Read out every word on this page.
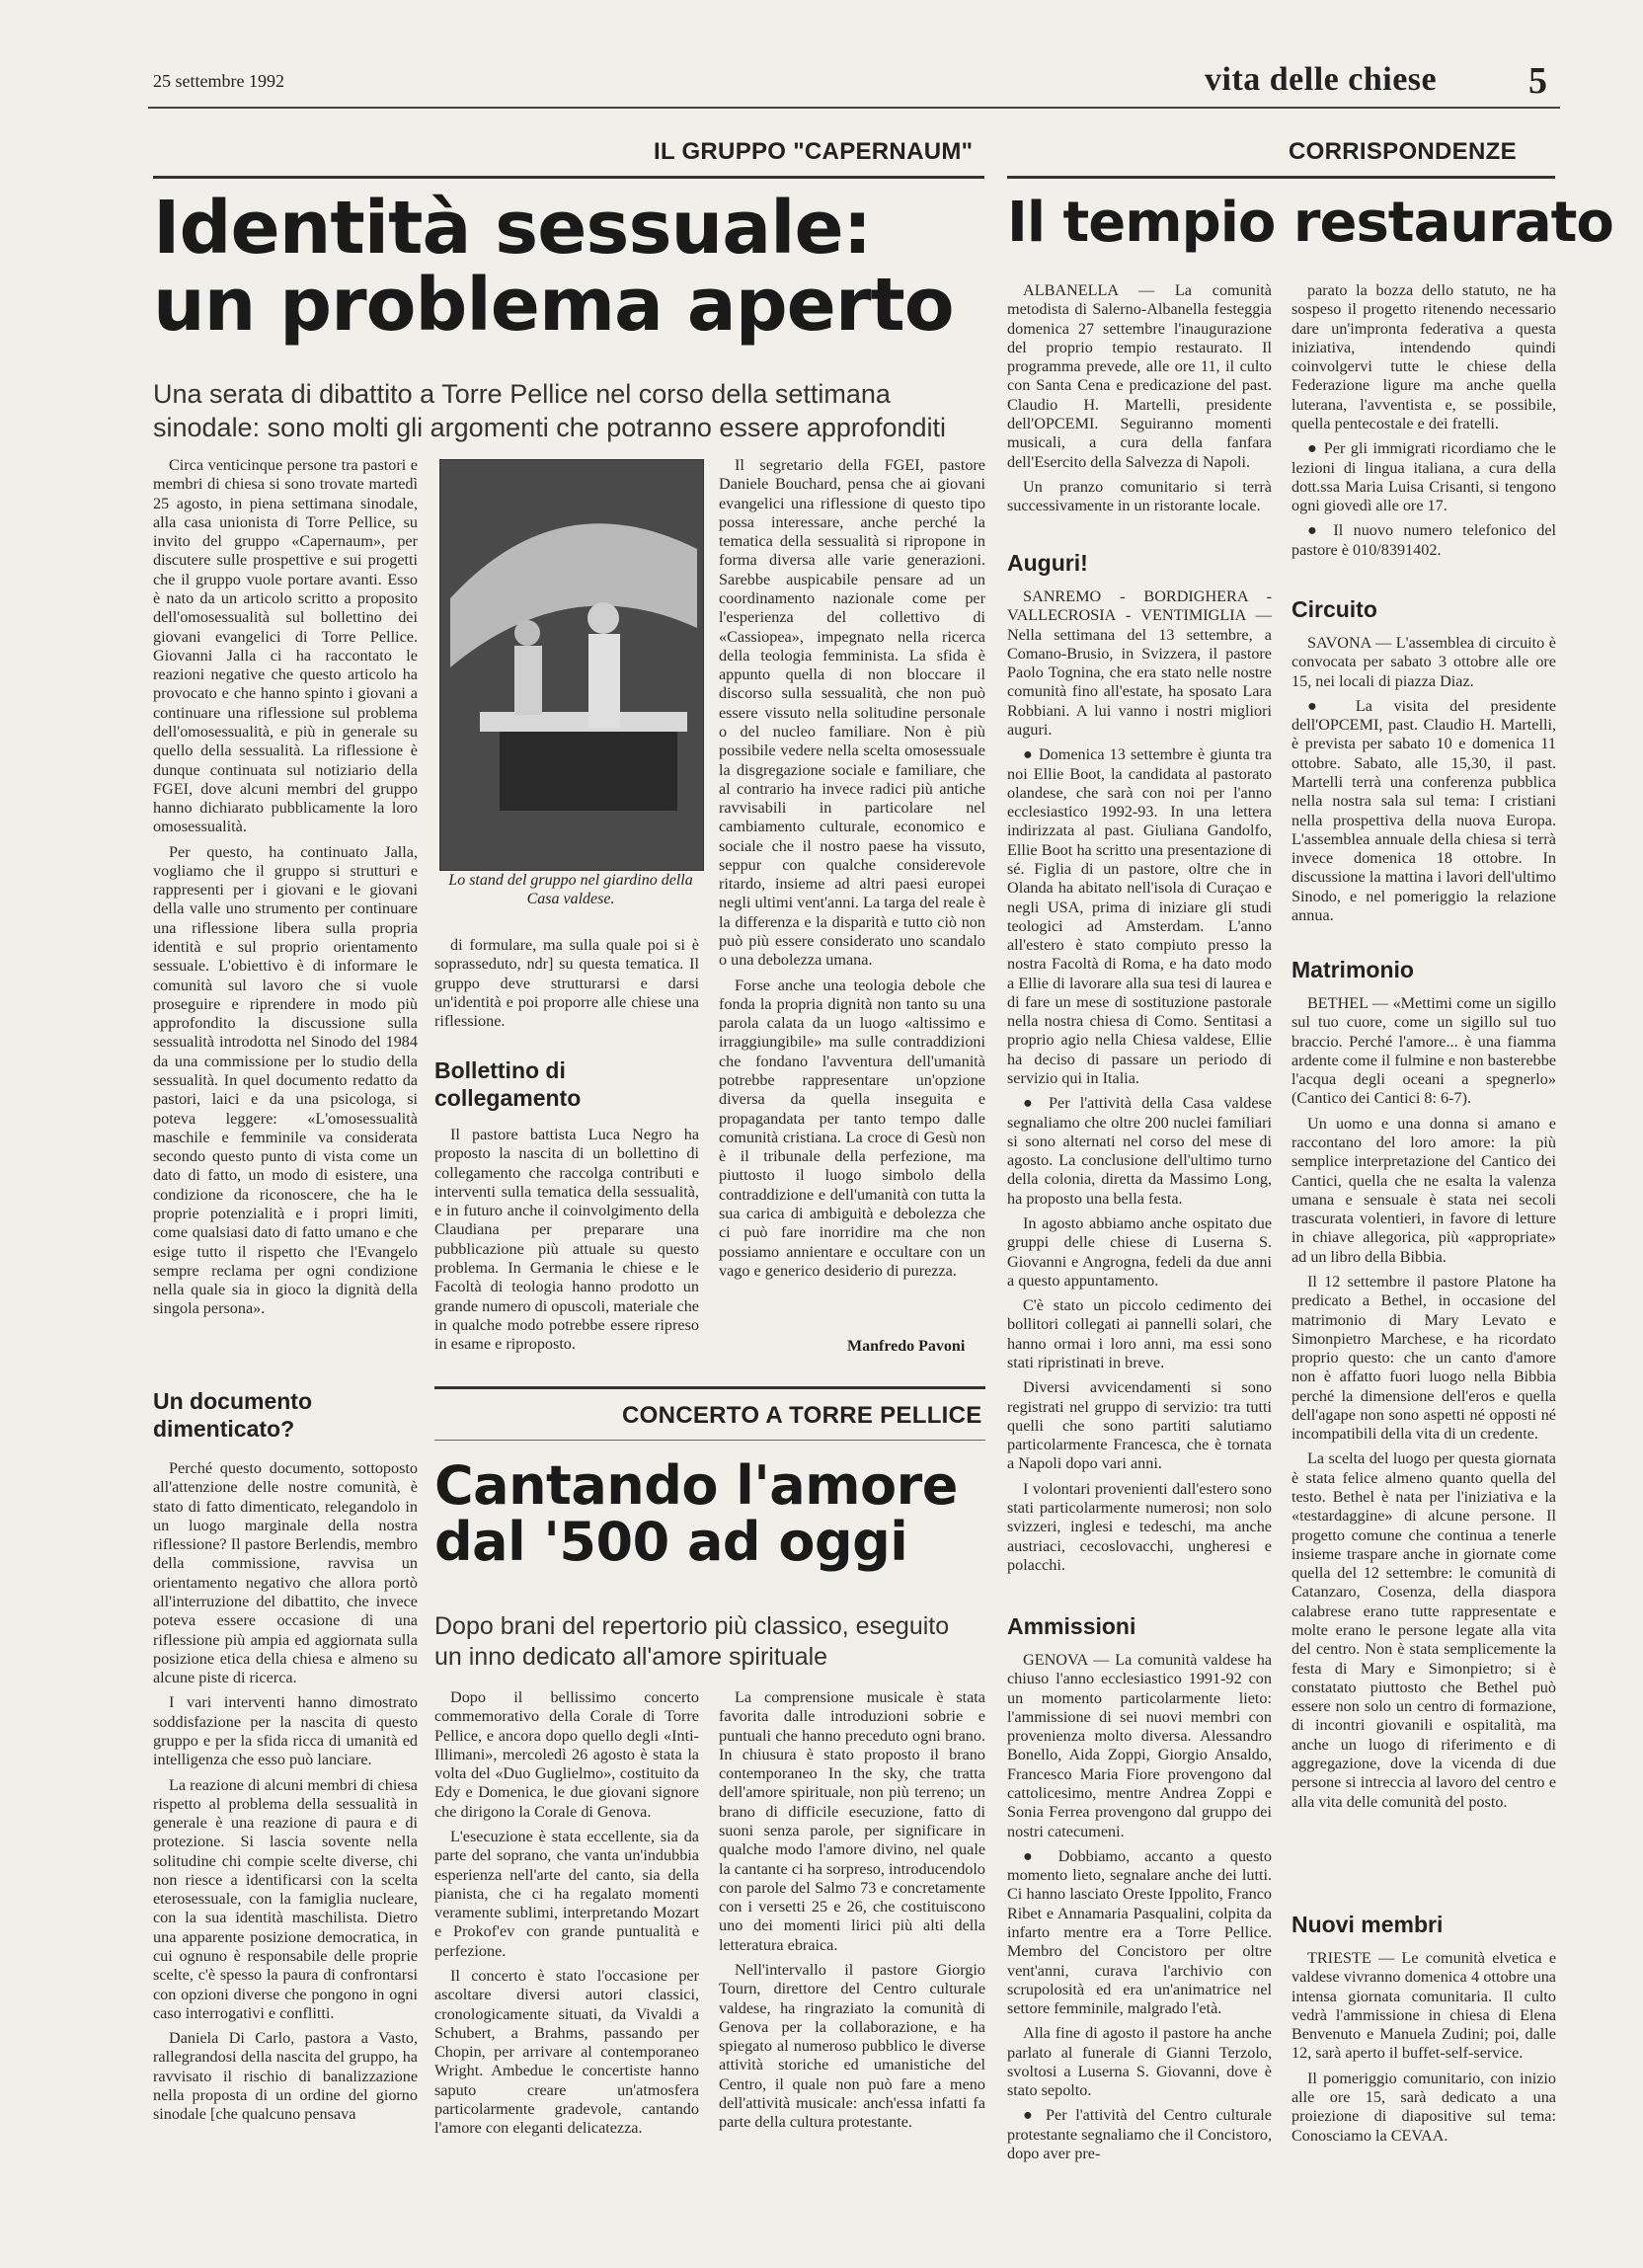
25 settembre 1992	vita delle chiese 5
IL GRUPPO "CAPERNAUM"
Identità sessuale:
un problema aperto
Una serata di dibattito a Torre Pellice nel corso della settimana sinodale: sono molti gli argomenti che potranno essere approfonditi

Circa venticinque persone tra pastori e membri di chiesa si sono trovate martedì 25 agosto, in piena settimana sinodale, alla casa unionista di Torre Pellice, su invito del gruppo «Capernaum», per discutere sulle prospettive e sui progetti che il gruppo vuole portare avanti. Esso è nato da un articolo scritto a proposito dell'omosessualità sul bollettino dei giovani evangelici di Torre Pellice. Giovanni Jalla ci ha raccontato le reazioni negative che questo articolo ha provocato e che hanno spinto i giovani a continuare una riflessione sul problema dell'omosessualità, e più in generale su quello della sessualità. La riflessione è dunque continuata sul notiziario della FGEI, dove alcuni membri del gruppo hanno dichiarato pubblicamente la loro omosessualità.

Per questo, ha continuato Jalla, vogliamo che il gruppo si strutturi e rappresenti per i giovani e le giovani della valle uno strumento per continuare una riflessione libera sulla propria identità e sul proprio orientamento sessuale. L'obiettivo è di informare le comunità sul lavoro che si vuole proseguire e riprendere in modo più approfondito la discussione sulla sessualità introdotta nel Sinodo del 1984 da una commissione per lo studio della sessualità. In quel documento redatto da pastori, laici e da una psicologa, si poteva leggere: «L'omosessualità maschile e femminile va considerata secondo questo punto di vista come un dato di fatto, un modo di esistere, una condizione da riconoscere, che ha le proprie potenzialità e i propri limiti, come qualsiasi dato di fatto umano e che esige tutto il rispetto che l'Evangelo sempre reclama per ogni condizione nella quale sia in gioco la dignità della singola persona».

Un documento dimenticato?

Perché questo documento, sottoposto all'attenzione delle nostre comunità, è stato di fatto dimenticato, relegandolo in un luogo marginale della nostra riflessione? Il pastore Berlendis, membro della commissione, ravvisa un orientamento negativo che allora portò all'interruzione del dibattito, che invece poteva essere occasione di una riflessione più ampia ed aggiornata sulla posizione etica della chiesa e almeno su alcune piste di ricerca.

I vari interventi hanno dimostrato soddisfazione per la nascita di questo gruppo e per la sfida ricca di umanità ed intelligenza che esso può lanciare.

La reazione di alcuni membri di chiesa rispetto al problema della sessualità in generale è una reazione di paura e di protezione. Si lascia sovente nella solitudine chi compie scelte diverse, chi non riesce a identificarsi con la scelta eterosessuale, con la famiglia nucleare, con la sua identità maschilista. Dietro una apparente posizione democratica, in cui ognuno è responsabile delle proprie scelte, c'è spesso la paura di confrontarsi con opzioni diverse che pongono in ogni caso interrogativi e conflitti.

Daniela Di Carlo, pastora a Vasto, rallegrandosi della nascita del gruppo, ha ravvisato il rischio di banalizzazione nella proposta di un ordine del giorno sinodale [che qualcuno pensava

Lo stand del gruppo nel giardino della Casa valdese.

di formulare, ma sulla quale poi si è soprasseduto, ndr] su questa tematica. Il gruppo deve strutturarsi e darsi un'identità e poi proporre alle chiese una riflessione.

Bollettino di collegamento

Il pastore battista Luca Negro ha proposto la nascita di un bollettino di collegamento che raccolga contributi e interventi sulla tematica della sessualità, e in futuro anche il coinvolgimento della Claudiana per preparare una pubblicazione più attuale su questo problema. In Germania le chiese e le Facoltà di teologia hanno prodotto un grande numero di opuscoli, materiale che in qualche modo potrebbe essere ripreso in esame e riproposto.

Il segretario della FGEI, pastore Daniele Bouchard, pensa che ai giovani evangelici una riflessione di questo tipo possa interessare, anche perché la tematica della sessualità si ripropone in forma diversa alle varie generazioni. Sarebbe auspicabile pensare ad un coordinamento nazionale come per l'esperienza del collettivo di «Cassiopea», impegnato nella ricerca della teologia femminista. La sfida è appunto quella di non bloccare il discorso sulla sessualità, che non può essere vissuto nella solitudine personale o del nucleo familiare. Non è più possibile vedere nella scelta omosessuale la disgregazione sociale e familiare, che al contrario ha invece radici più antiche ravvisabili in particolare nel cambiamento culturale, economico e sociale che il nostro paese ha vissuto, seppur con qualche considerevole ritardo, insieme ad altri paesi europei negli ultimi vent'anni. La targa del reale è la differenza e la disparità e tutto ciò non può più essere considerato uno scandalo o una debolezza umana.

Forse anche una teologia debole che fonda la propria dignità non tanto su una parola calata da un luogo «altissimo e irraggiungibile» ma sulle contraddizioni che fondano l'avventura dell'umanità potrebbe rappresentare un'opzione diversa da quella inseguita e propagandata per tanto tempo dalle comunità cristiana. La croce di Gesù non è il tribunale della perfezione, ma piuttosto il luogo simbolo della contraddizione e dell'umanità con tutta la sua carica di ambiguità e debolezza che ci può fare inorridire ma che non possiamo annientare e occultare con un vago e generico desiderio di purezza.

Manfredo Pavoni
CONCERTO A TORRE PELLICE
Cantando l'amore
dal '500 ad oggi
Dopo brani del repertorio più classico, eseguito un inno dedicato all'amore spirituale

Dopo il bellissimo concerto commemorativo della Corale di Torre Pellice, e ancora dopo quello degli «Inti-Illimani», mercoledì 26 agosto è stata la volta del «Duo Guglielmo», costituito da Edy e Domenica, le due giovani signore che dirigono la Corale di Genova.

L'esecuzione è stata eccellente, sia da parte del soprano, che vanta un'indubbia esperienza nell'arte del canto, sia della pianista, che ci ha regalato momenti veramente sublimi, interpretando Mozart e Prokof'ev con grande puntualità e perfezione.

Il concerto è stato l'occasione per ascoltare diversi autori classici, cronologicamente situati, da Vivaldi a Schubert, a Brahms, passando per Chopin, per arrivare al contemporaneo Wright. Ambedue le concertiste hanno saputo creare un'atmosfera particolarmente gradevole, cantando l'amore con eleganti delicatezza.

La comprensione musicale è stata favorita dalle introduzioni sobrie e puntuali che hanno preceduto ogni brano. In chiusura è stato proposto il brano contemporaneo In the sky, che tratta dell'amore spirituale, non più terreno; un brano di difficile esecuzione, fatto di suoni senza parole, per significare in qualche modo l'amore divino, nel quale la cantante ci ha sorpreso, introducendolo con parole del Salmo 73 e concretamente con i versetti 25 e 26, che costituiscono uno dei momenti lirici più alti della letteratura ebraica.

Nell'intervallo il pastore Giorgio Tourn, direttore del Centro culturale valdese, ha ringraziato la comunità di Genova per la collaborazione, e ha spiegato al numeroso pubblico le diverse attività storiche ed umanistiche del Centro, il quale non può fare a meno dell'attività musicale: anch'essa infatti fa parte della cultura protestante.

CORRISPONDENZE
Il tempio restaurato

ALBANELLA — La comunità metodista di Salerno-Albanella festeggia domenica 27 settembre l'inaugurazione del proprio tempio restaurato. Il programma prevede, alle ore 11, il culto con Santa Cena e predicazione del past. Claudio H. Martelli, presidente dell'OPCEMI. Seguiranno momenti musicali, a cura della fanfara dell'Esercito della Salvezza di Napoli.

Un pranzo comunitario si terrà successivamente in un ristorante locale.

Auguri!

SANREMO - BORDIGHERA - VALLECROSIA - VENTIMIGLIA — Nella settimana del 13 settembre, a Comano-Brusio, in Svizzera, il pastore Paolo Tognina, che era stato nelle nostre comunità fino all'estate, ha sposato Lara Robbiani. A lui vanno i nostri migliori auguri.

● Domenica 13 settembre è giunta tra noi Ellie Boot, la candidata al pastorato olandese, che sarà con noi per l'anno ecclesiastico 1992-93. In una lettera indirizzata al past. Giuliana Gandolfo, Ellie Boot ha scritto una presentazione di sé. Figlia di un pastore, oltre che in Olanda ha abitato nell'isola di Curaçao e negli USA, prima di iniziare gli studi teologici ad Amsterdam. L'anno all'estero è stato compiuto presso la nostra Facoltà di Roma, e ha dato modo a Ellie di lavorare alla sua tesi di laurea e di fare un mese di sostituzione pastorale nella nostra chiesa di Como. Sentitasi a proprio agio nella Chiesa valdese, Ellie ha deciso di passare un periodo di servizio qui in Italia.

● Per l'attività della Casa valdese segnaliamo che oltre 200 nuclei familiari si sono alternati nel corso del mese di agosto. La conclusione dell'ultimo turno della colonia, diretta da Massimo Long, ha proposto una bella festa.

In agosto abbiamo anche ospitato due gruppi delle chiese di Luserna S. Giovanni e Angrogna, fedeli da due anni a questo appuntamento.

C'è stato un piccolo cedimento dei bollitori collegati ai pannelli solari, che hanno ormai i loro anni, ma essi sono stati ripristinati in breve.

Diversi avvicendamenti si sono registrati nel gruppo di servizio: tra tutti quelli che sono partiti salutiamo particolarmente Francesca, che è tornata a Napoli dopo vari anni.

I volontari provenienti dall'estero sono stati particolarmente numerosi; non solo svizzeri, inglesi e tedeschi, ma anche austriaci, cecoslovacchi, ungheresi e polacchi.

Ammissioni

GENOVA — La comunità valdese ha chiuso l'anno ecclesiastico 1991-92 con un momento particolarmente lieto: l'ammissione di sei nuovi membri con provenienza molto diversa. Alessandro Bonello, Aida Zoppi, Giorgio Ansaldo, Francesco Maria Fiore provengono dal cattolicesimo, mentre Andrea Zoppi e Sonia Ferrea provengono dal gruppo dei nostri catecumeni.

● Dobbiamo, accanto a questo momento lieto, segnalare anche dei lutti. Ci hanno lasciato Oreste Ippolito, Franco Ribet e Annamaria Pasqualini, colpita da infarto mentre era a Torre Pellice. Membro del Concistoro per oltre vent'anni, curava l'archivio con scrupolosità ed era un'animatrice nel settore femminile, malgrado l'età.

Alla fine di agosto il pastore ha anche parlato al funerale di Gianni Terzolo, svoltosi a Luserna S. Giovanni, dove è stato sepolto.

● Per l'attività del Centro culturale protestante segnaliamo che il Concistoro, dopo aver pre-

parato la bozza dello statuto, ne ha sospeso il progetto ritenendo necessario dare un'impronta federativa a questa iniziativa, intendendo quindi coinvolgervi tutte le chiese della Federazione ligure ma anche quella luterana, l'avventista e, se possibile, quella pentecostale e dei fratelli.

● Per gli immigrati ricordiamo che le lezioni di lingua italiana, a cura della dott.ssa Maria Luisa Crisanti, si tengono ogni giovedì alle ore 17.

● Il nuovo numero telefonico del pastore è 010/8391402.

Circuito

SAVONA — L'assemblea di circuito è convocata per sabato 3 ottobre alle ore 15, nei locali di piazza Diaz.

● La visita del presidente dell'OPCEMI, past. Claudio H. Martelli, è prevista per sabato 10 e domenica 11 ottobre. Sabato, alle 15,30, il past. Martelli terrà una conferenza pubblica nella nostra sala sul tema: I cristiani nella prospettiva della nuova Europa. L'assemblea annuale della chiesa si terrà invece domenica 18 ottobre. In discussione la mattina i lavori dell'ultimo Sinodo, e nel pomeriggio la relazione annua.

Matrimonio

BETHEL — «Mettimi come un sigillo sul tuo cuore, come un sigillo sul tuo braccio. Perché l'amore... è una fiamma ardente come il fulmine e non basterebbe l'acqua degli oceani a spegnerlo» (Cantico dei Cantici 8: 6-7).

Un uomo e una donna si amano e raccontano del loro amore: la più semplice interpretazione del Cantico dei Cantici, quella che ne esalta la valenza umana e sensuale è stata nei secoli trascurata volentieri, in favore di letture in chiave allegorica, più «appropriate» ad un libro della Bibbia.

Il 12 settembre il pastore Platone ha predicato a Bethel, in occasione del matrimonio di Mary Levato e Simonpietro Marchese, e ha ricordato proprio questo: che un canto d'amore non è affatto fuori luogo nella Bibbia perché la dimensione dell'eros e quella dell'agape non sono aspetti né opposti né incompatibili della vita di un credente.

La scelta del luogo per questa giornata è stata felice almeno quanto quella del testo. Bethel è nata per l'iniziativa e la «testardaggine» di alcune persone. Il progetto comune che continua a tenerle insieme traspare anche in giornate come quella del 12 settembre: le comunità di Catanzaro, Cosenza, della diaspora calabrese erano tutte rappresentate e molte erano le persone legate alla vita del centro. Non è stata semplicemente la festa di Mary e Simonpietro; si è constatato piuttosto che Bethel può essere non solo un centro di formazione, di incontri giovanili e ospitalità, ma anche un luogo di riferimento e di aggregazione, dove la vicenda di due persone si intreccia al lavoro del centro e alla vita delle comunità del posto.

Nuovi membri

TRIESTE — Le comunità elvetica e valdese vivranno domenica 4 ottobre una intensa giornata comunitaria. Il culto vedrà l'ammissione in chiesa di Elena Benvenuto e Manuela Zudini; poi, dalle 12, sarà aperto il buffet-self-service.

Il pomeriggio comunitario, con inizio alle ore 15, sarà dedicato a una proiezione di diapositive sul tema: Conosciamo la CEVAA.
